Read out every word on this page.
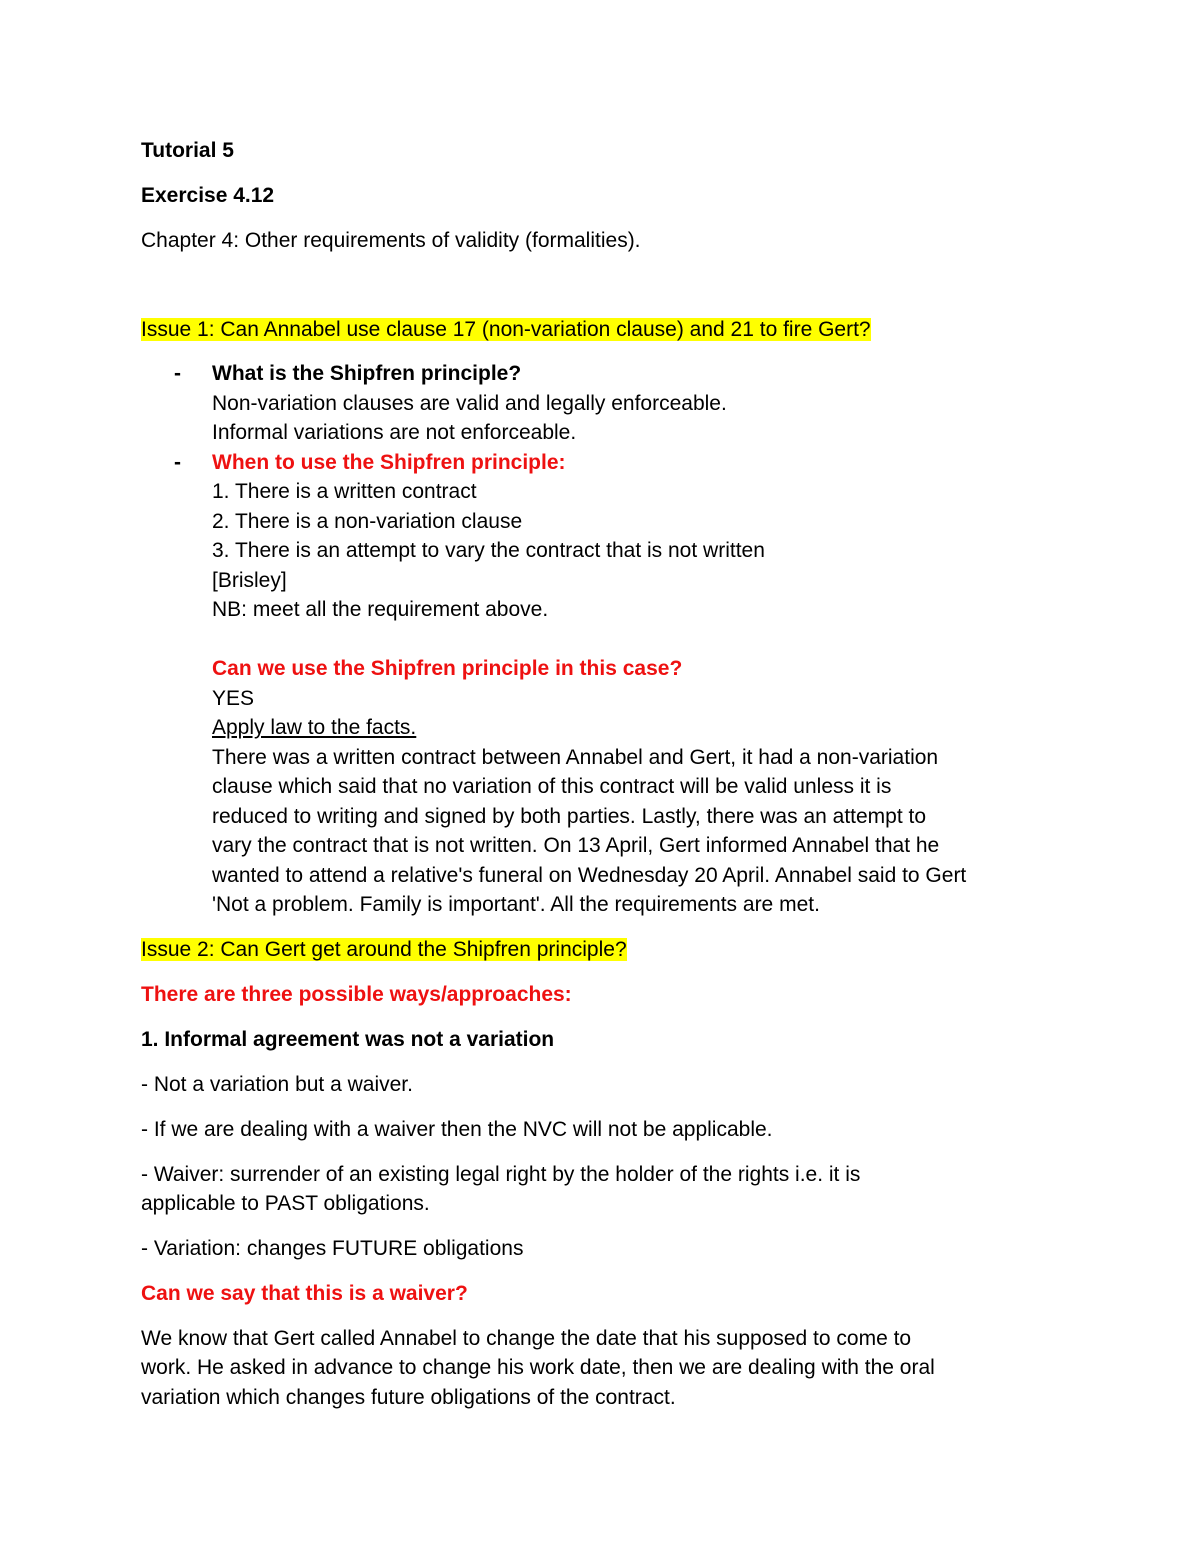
Tutorial 5

Exercise 4.12

Chapter 4: Other requirements of validity (formalities).

Issue 1: Can Annabel use clause 17 (non-variation clause) and 21 to fire Gert?

- What is the Shipfren principle?
Non-variation clauses are valid and legally enforceable.
Informal variations are not enforceable.
- When to use the Shipfren principle:
1. There is a written contract
2. There is a non-variation clause
3. There is an attempt to vary the contract that is not written
[Brisley]
NB: meet all the requirement above.
Can we use the Shipfren principle in this case?
YES
Apply law to the facts.
There was a written contract between Annabel and Gert, it had a non-variation
clause which said that no variation of this contract will be valid unless it is
reduced to writing and signed by both parties. Lastly, there was an attempt to
vary the contract that is not written. On 13 April, Gert informed Annabel that he
wanted to attend a relative's funeral on Wednesday 20 April. Annabel said to Gert
'Not a problem. Family is important'. All the requirements are met.

Issue 2: Can Gert get around the Shipfren principle?

There are three possible ways/approaches:

1. Informal agreement was not a variation

- Not a variation but a waiver.

- If we are dealing with a waiver then the NVC will not be applicable.

- Waiver: surrender of an existing legal right by the holder of the rights i.e. it is
applicable to PAST obligations.

- Variation: changes FUTURE obligations

Can we say that this is a waiver?

We know that Gert called Annabel to change the date that his supposed to come to
work. He asked in advance to change his work date, then we are dealing with the oral
variation which changes future obligations of the contract.
